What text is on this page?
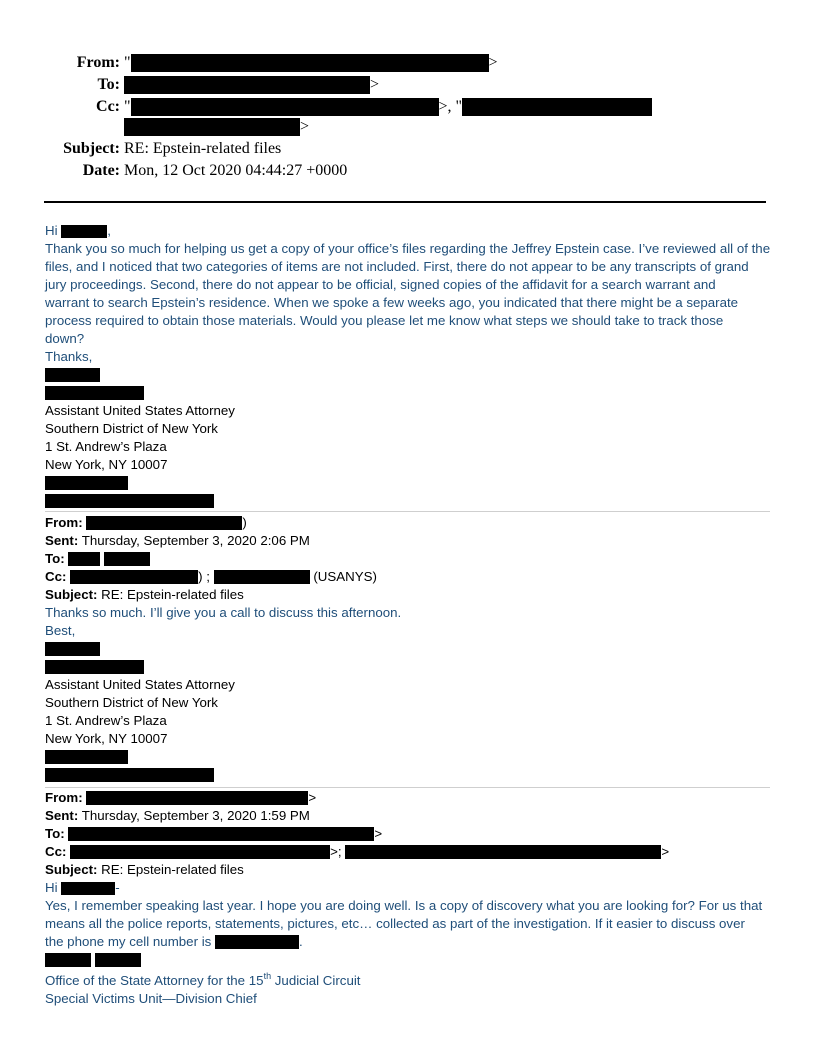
From: "	>
To:	>
Cc: "	>, "
>
Subject: RE: Epstein-related files
Date: Mon, 12 Oct 2020 04:44:27 +0000
Hi	,
Thank you so much for helping us get a copy of your office’s files regarding the Jeffrey Epstein case. I’ve reviewed all of the
files, and I noticed that two categories of items are not included. First, there do not appear to be any transcripts of grand
jury proceedings. Second, there do not appear to be official, signed copies of the affidavit for a search warrant and
warrant to search Epstein’s residence. When we spoke a few weeks ago, you indicated that there might be a separate
process required to obtain those materials. Would you please let me know what steps we should take to track those
down?
Thanks,
Assistant United States Attorney
Southern District of New York
1 St. Andrew’s Plaza
New York, NY 10007
From:	)
Sent: Thursday, September 3, 2020 2:06 PM
To:
Cc:	) ;	(USANYS)
Subject: RE: Epstein-related files
Thanks so much. I’ll give you a call to discuss this afternoon.
Best,
Assistant United States Attorney
Southern District of New York
1 St. Andrew’s Plaza
New York, NY 10007
From:	>
Sent: Thursday, September 3, 2020 1:59 PM
To:	>
Cc:	>;	>
Subject: RE: Epstein-related files
Hi	-
Yes, I remember speaking last year. I hope you are doing well. Is a copy of discovery what you are looking for? For us that
means all the police reports, statements, pictures, etc… collected as part of the investigation. If it easier to discuss over
the phone my cell number is	.

Office of the State Attorney for the 15th Judicial Circuit
Special Victims Unit—Division Chief
